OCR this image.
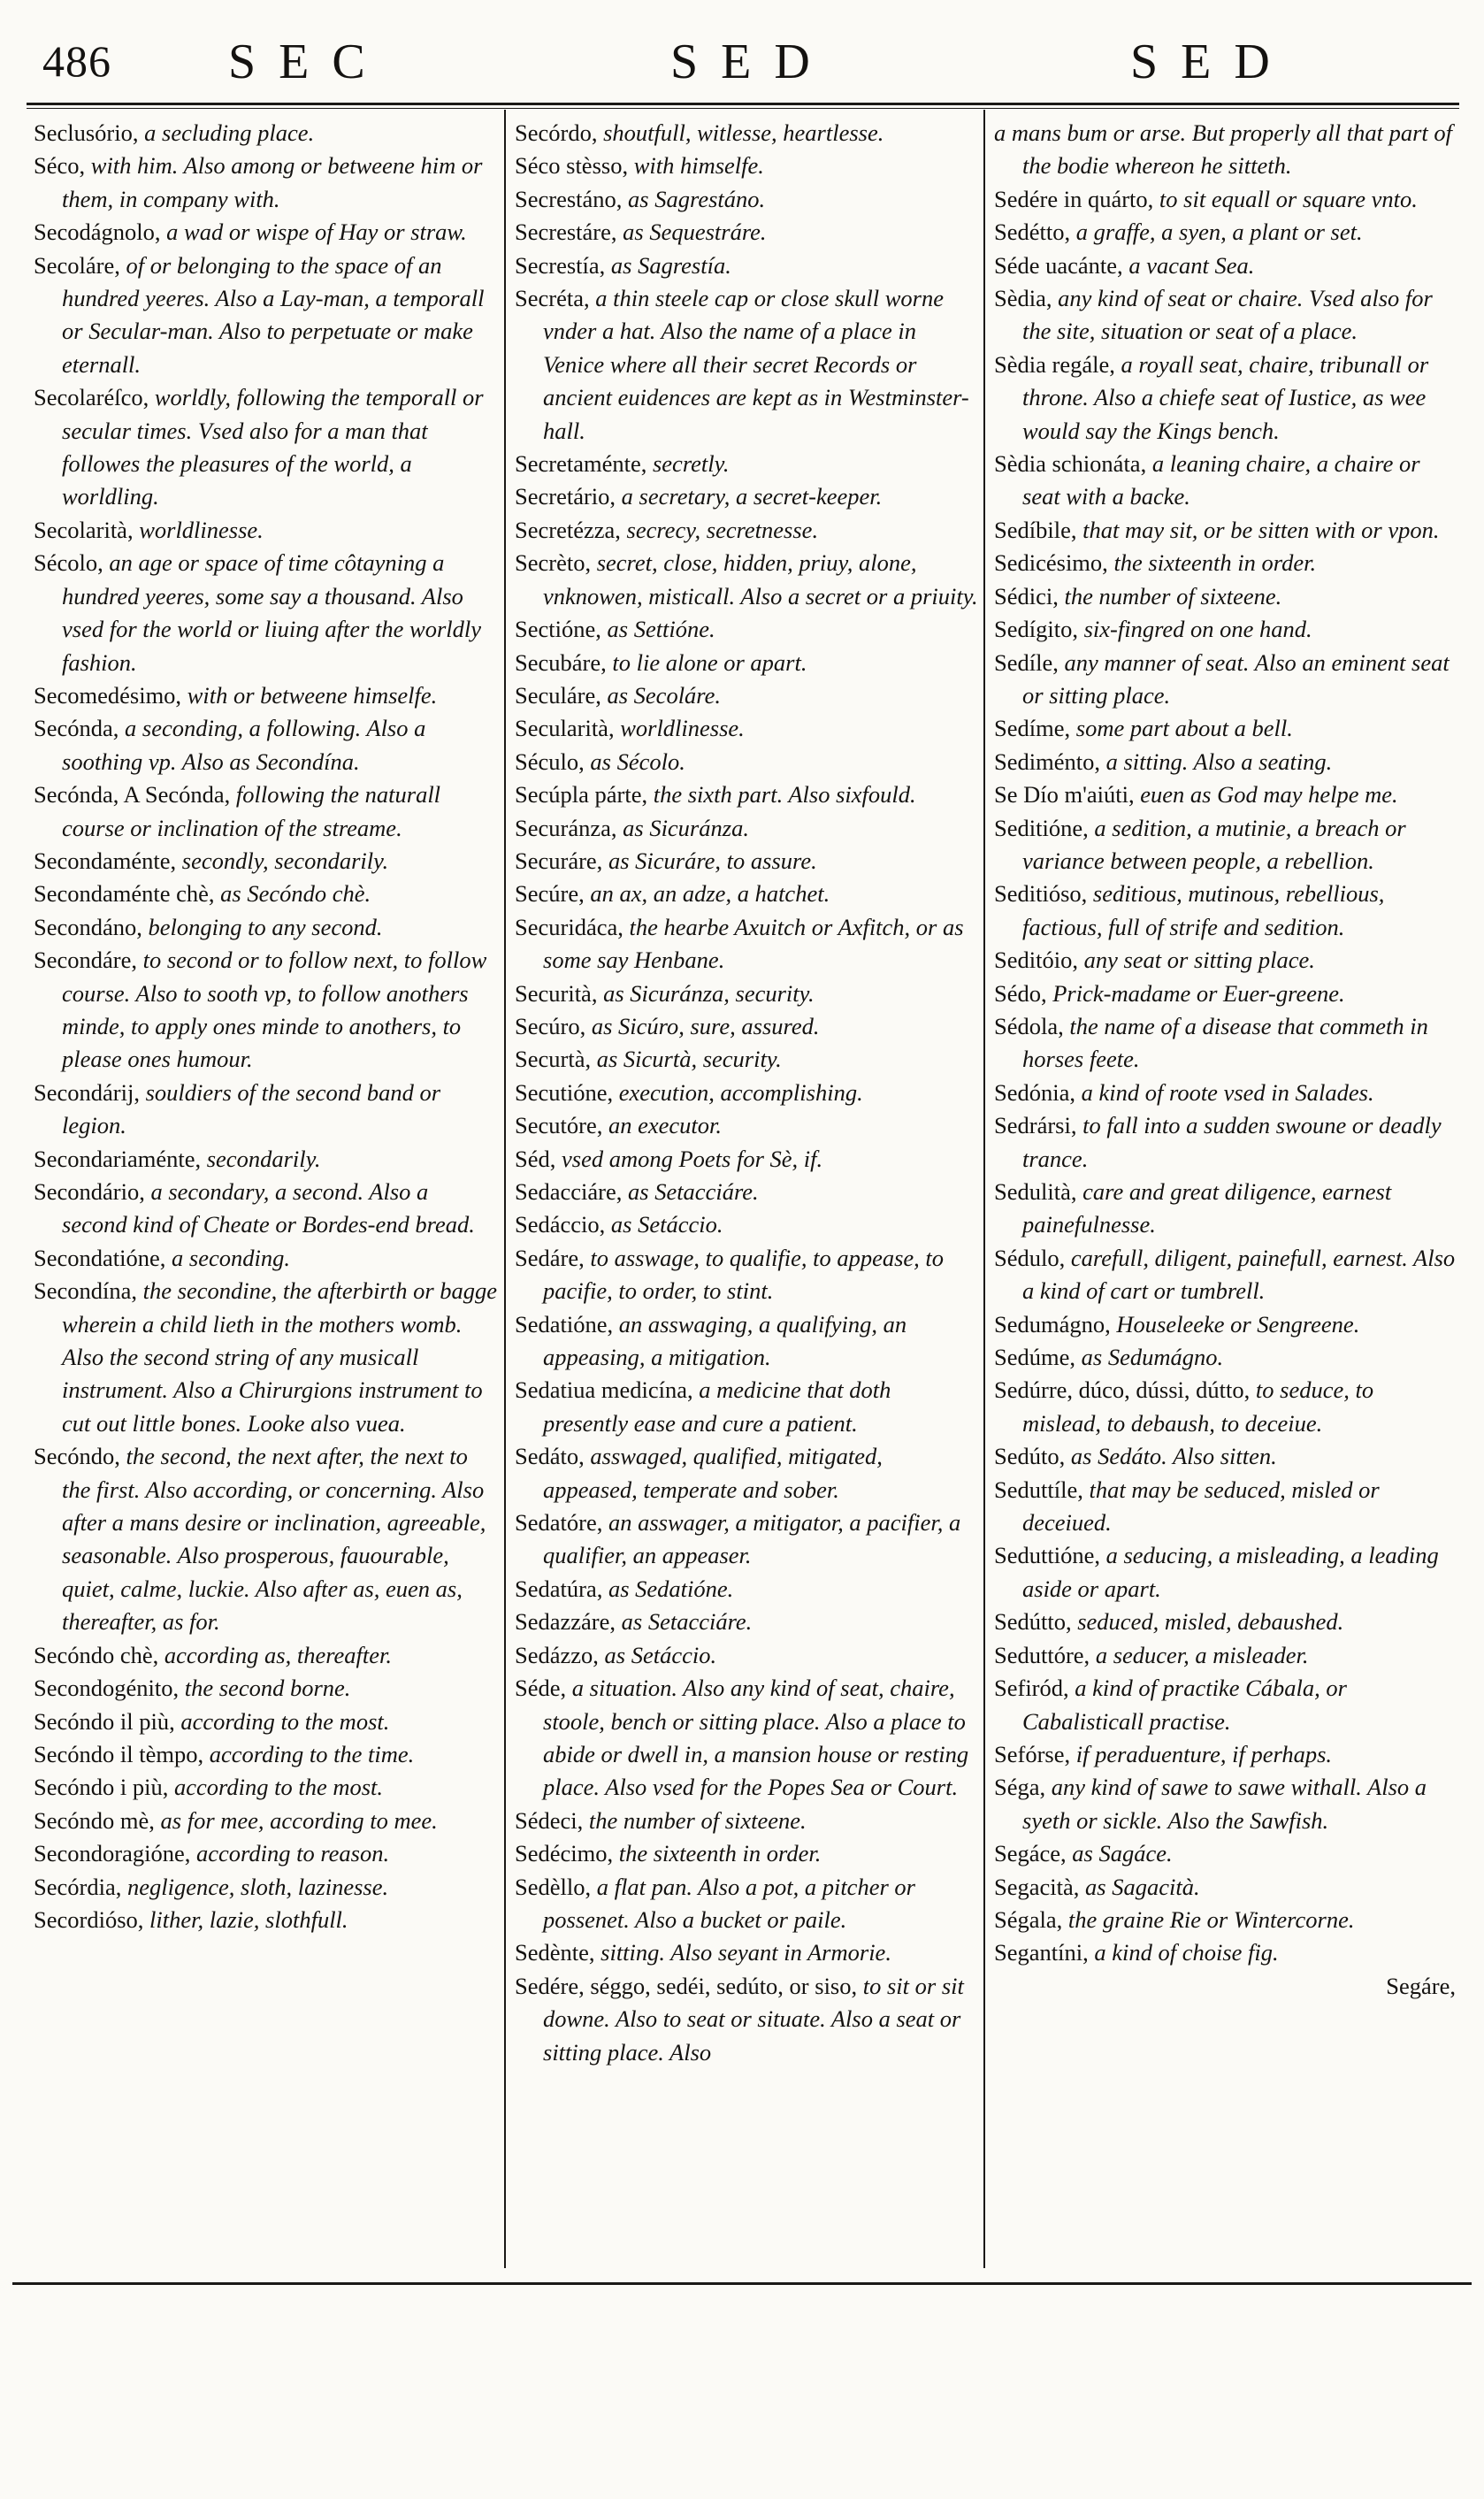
486 SEC	SED	SED
Seclusório, a secluding place.
Séco, with him. Also among or betweene him or them, in company with.
Secodágnolo, a wad or wispe of Hay or straw.
Secoláre, of or belonging to the space of an hundred yeeres. Also a Lay-man, a temporall or Secular-man. Also to perpetuate or make eternall.
Secolaréſco, worldly, following the temporall or secular times. Vsed also for a man that followes the pleasures of the world, a worldling.
Secolarità, worldlinesse.
Sécolo, an age or space of time côtayning a hundred yeeres, some say a thousand. Also vsed for the world or liuing after the worldly fashion.
Secomedésimo, with or betweene himselfe.
Secónda, a seconding, a following. Also a soothing vp. Also as Secondína.
Secónda, A Secónda, following the naturall course or inclination of the streame.
Secondaménte, secondly, secondarily.
Secondaménte chè, as Secóndo chè.
Secondáno, belonging to any second.
Secondáre, to second or to follow next, to follow course. Also to sooth vp, to follow anothers minde, to apply ones minde to anothers, to please ones humour.
Secondárij, souldiers of the second band or legion.
Secondariaménte, secondarily.
Secondário, a secondary, a second. Also a second kind of Cheate or Bordes-end bread.
Secondatióne, a seconding.
Secondína, the secondine, the afterbirth or bagge wherein a child lieth in the mothers womb. Also the second string of any musicall instrument. Also a Chirurgions instrument to cut out little bones. Looke also vuea.
Secóndo, the second, the next after, the next to the first. Also according, or concerning. Also after a mans desire or inclination, agreeable, seasonable. Also prosperous, fauourable, quiet, calme, luckie. Also after as, euen as, thereafter, as for.
Secóndo chè, according as, thereafter.
Secondogénito, the second borne.
Secóndo il più, according to the most.
Secóndo il tèmpo, according to the time.
Secóndo i più, according to the most.
Secóndo mè, as for mee, according to mee.
Secondoragióne, according to reason.
Secórdia, negligence, sloth, lazinesse.
Secordióso, lither, lazie, slothfull.
Secórdo, shoutfull, witlesse, heartlesse.
Séco stèsso, with himselfe.
Secrestáno, as Sagrestáno.
Secrestáre, as Sequestráre.
Secrestía, as Sagrestía.
Secréta, a thin steele cap or close skull worne vnder a hat. Also the name of a place in Venice where all their secret Records or ancient euidences are kept as in Westminster-hall.
Secretaménte, secretly.
Secretário, a secretary, a secret-keeper.
Secretézza, secrecy, secretnesse.
Secrèto, secret, close, hidden, priuy, alone, vnknowen, misticall. Also a secret or a priuity.
Sectióne, as Settióne.
Secubáre, to lie alone or apart.
Seculáre, as Secoláre.
Secularità, worldlinesse.
Século, as Sécolo.
Secúpla párte, the sixth part. Also sixfould.
Securánza, as Sicuránza.
Securáre, as Sicuráre, to assure.
Secúre, an ax, an adze, a hatchet.
Securidáca, the hearbe Axuitch or Axfitch, or as some say Henbane.
Securità, as Sicuránza, security.
Secúro, as Sicúro, sure, assured.
Securtà, as Sicurtà, security.
Secutióne, execution, accomplishing.
Secutóre, an executor.
Séd, vsed among Poets for Sè, if.
Sedacciáre, as Setacciáre.
Sedáccio, as Setáccio.
Sedáre, to asswage, to qualifie, to appease, to pacifie, to order, to stint.
Sedatióne, an asswaging, a qualifying, an appeasing, a mitigation.
Sedatiua medicína, a medicine that doth presently ease and cure a patient.
Sedáto, asswaged, qualified, mitigated, appeased, temperate and sober.
Sedatóre, an asswager, a mitigator, a pacifier, a qualifier, an appeaser.
Sedatúra, as Sedatióne.
Sedazzáre, as Setacciáre.
Sedázzo, as Setáccio.
Séde, a situation. Also any kind of seat, chaire, stoole, bench or sitting place. Also a place to abide or dwell in, a mansion house or resting place. Also vsed for the Popes Sea or Court.
Sédeci, the number of sixteene.
Sedécimo, the sixteenth in order.
Sedèllo, a flat pan. Also a pot, a pitcher or possenet. Also a bucket or paile.
Sedènte, sitting. Also seyant in Armorie.
Sedére, séggo, sedéi, sedúto, or siso, to sit or sit downe. Also to seat or situate. Also a seat or sitting place. Also
a mans bum or arse. But properly all that part of the bodie whereon he sitteth.
Sedére in quárto, to sit equall or square vnto.
Sedétto, a graffe, a syen, a plant or set.
Séde uacánte, a vacant Sea.
Sèdia, any kind of seat or chaire. Vsed also for the site, situation or seat of a place.
Sèdia regále, a royall seat, chaire, tribunall or throne. Also a chiefe seat of Iustice, as wee would say the Kings bench.
Sèdia schionáta, a leaning chaire, a chaire or seat with a backe.
Sedíbile, that may sit, or be sitten with or vpon.
Sedicésimo, the sixteenth in order.
Sédici, the number of sixteene.
Sedígito, six-fingred on one hand.
Sedíle, any manner of seat. Also an eminent seat or sitting place.
Sedíme, some part about a bell.
Sediménto, a sitting. Also a seating.
Se Dío m'aiúti, euen as God may helpe me.
Seditióne, a sedition, a mutinie, a breach or variance between people, a rebellion.
Seditióso, seditious, mutinous, rebellious, factious, full of strife and sedition.
Seditóio, any seat or sitting place.
Sédo, Prick-madame or Euer-greene.
Sédola, the name of a disease that commeth in horses feete.
Sedónia, a kind of roote vsed in Salades.
Sedrársi, to fall into a sudden swoune or deadly trance.
Sedulità, care and great diligence, earnest painefulnesse.
Sédulo, carefull, diligent, painefull, earnest. Also a kind of cart or tumbrell.
Sedumágno, Houseleeke or Sengreene.
Sedúme, as Sedumágno.
Sedúrre, dúco, dússi, dútto, to seduce, to mislead, to debaush, to deceiue.
Sedúto, as Sedáto. Also sitten.
Seduttíle, that may be seduced, misled or deceiued.
Seduttióne, a seducing, a misleading, a leading aside or apart.
Sedútto, seduced, misled, debaushed.
Seduttóre, a seducer, a misleader.
Sefiród, a kind of practike Cábala, or Cabalisticall practise.
Sefórse, if peraduenture, if perhaps.
Séga, any kind of sawe to sawe withall. Also a syeth or sickle. Also the Sawfish.
Segáce, as Sagáce.
Segacità, as Sagacità.
Ségala, the graine Rie or Wintercorne.
Segantíni, a kind of choise fig.
Segáre,
